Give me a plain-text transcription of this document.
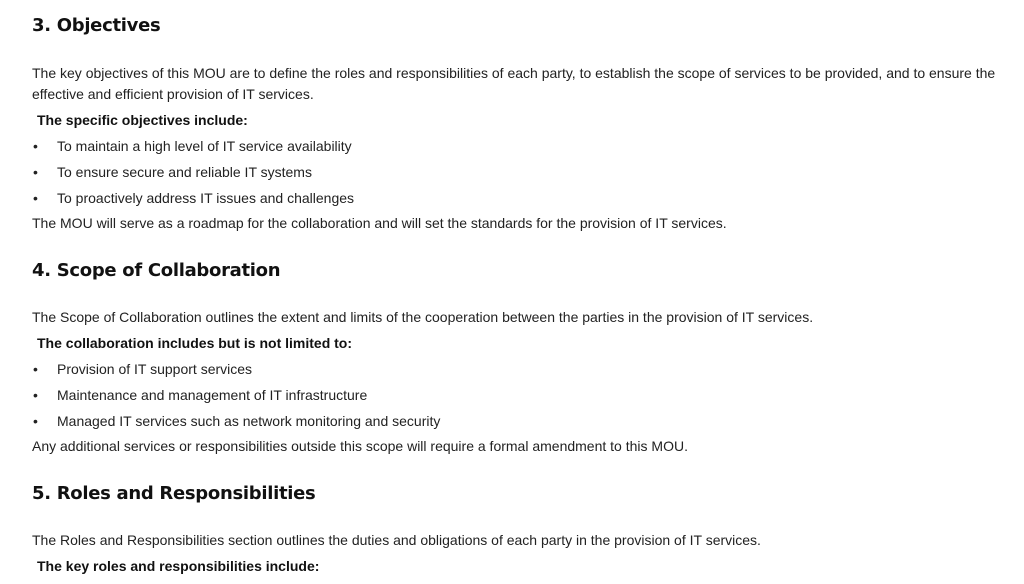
3. Objectives

The key objectives of this MOU are to define the roles and responsibilities of each party, to establish the scope of services to be provided, and to ensure the effective and efficient provision of IT services.

The specific objectives include:

• To maintain a high level of IT service availability

• To ensure secure and reliable IT systems

• To proactively address IT issues and challenges

The MOU will serve as a roadmap for the collaboration and will set the standards for the provision of IT services.

4. Scope of Collaboration

The Scope of Collaboration outlines the extent and limits of the cooperation between the parties in the provision of IT services.

The collaboration includes but is not limited to:

• Provision of IT support services

• Maintenance and management of IT infrastructure

• Managed IT services such as network monitoring and security

Any additional services or responsibilities outside this scope will require a formal amendment to this MOU.

5. Roles and Responsibilities

The Roles and Responsibilities section outlines the duties and obligations of each party in the provision of IT services.

The key roles and responsibilities include:
